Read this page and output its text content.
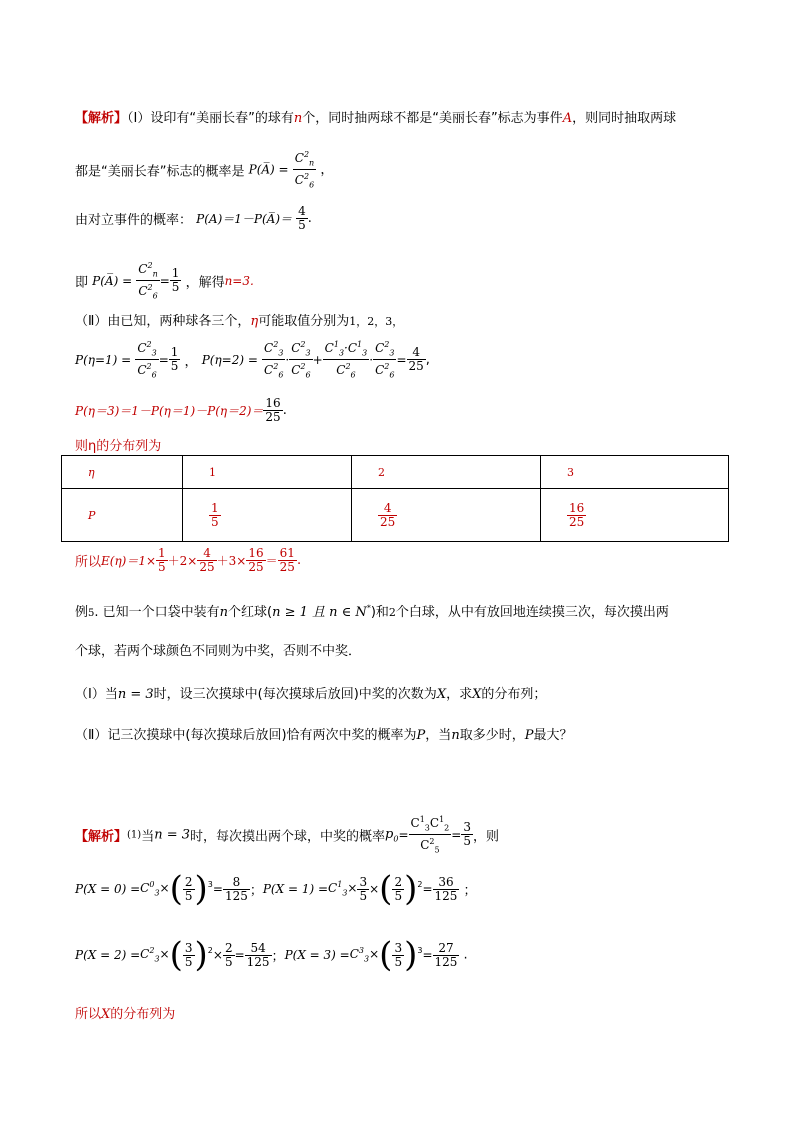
【解析】（Ⅰ）设印有“美丽长春”的球有n个，同时抽两球不都是“美丽长春”标志为事件A，则同时抽取两球
都是“美丽长春”标志的概率是 P(A̅) = $\frac{C^2_n}{C^2_6}$ ，
由对立事件的概率： P(A)＝1－P(A̅)＝ $\frac{4}{5}$ .
即 P(A̅) = $\frac{C^2_n}{C^2_6} = \frac{1}{5}$ ，解得n=3.
（Ⅱ）由已知，两种球各三个，η可能取值分别为1，2，3，
$P(\eta=1) = \frac{C^2_3}{C^2_6} = \frac{1}{5}$ ， $P(\eta=2) = \frac{C^2_3}{C^2_6} \cdot \frac{C^2_3}{C^2_6} + \frac{C^1_3\cdot C^1_3}{C^2_6} \cdot \frac{C^2_3}{C^2_6} = \frac{4}{25}$ ,
$P(\eta=3)=1-P(\eta=1)-P(\eta=2)= \frac{16}{25}$ .
则η的分布列为
η	1	2	3
P	$\frac{1}{5}$	$\frac{4}{25}$	$\frac{16}{25}$
所以$E(\eta)=1\times \frac{1}{5} +2\times \frac{4}{25} +3\times \frac{16}{25} = \frac{61}{25}$ .
例5. 已知一个口袋中装有n个红球(n ≥ 1 且 n ∈ N*)和2个白球，从中有放回地连续摸三次，每次摸出两
个球，若两个球颜色不同则为中奖，否则不中奖．
（Ⅰ）当n = 3时，设三次摸球中(每次摸球后放回)中奖的次数为X，求X的分布列；
（Ⅱ）记三次摸球中(每次摸球后放回)恰有两次中奖的概率为P，当n取多少时，P最大？
【解析】(1)当n = 3时，每次摸出两个球，中奖的概率$p_0= \frac{C^1_3C^1_2}{C^2_5} = \frac{3}{5}$ ，则
$P(X = 0) =C^0_3\times( \frac{2}{5} )^3= \frac{8}{125}$ ；$P(X = 1) =C^1_3\times \frac{3}{5}$ ×( $\frac{2}{5} )^2= \frac{36}{125}$ ；
$P(X = 2) =C^2_3\times( \frac{3}{5} )^2\times \frac{2}{5} = \frac{54}{125}$ ；$P(X = 3) =C^3_3\times( \frac{3}{5} )^3= \frac{27}{125}$ .
所以X的分布列为
